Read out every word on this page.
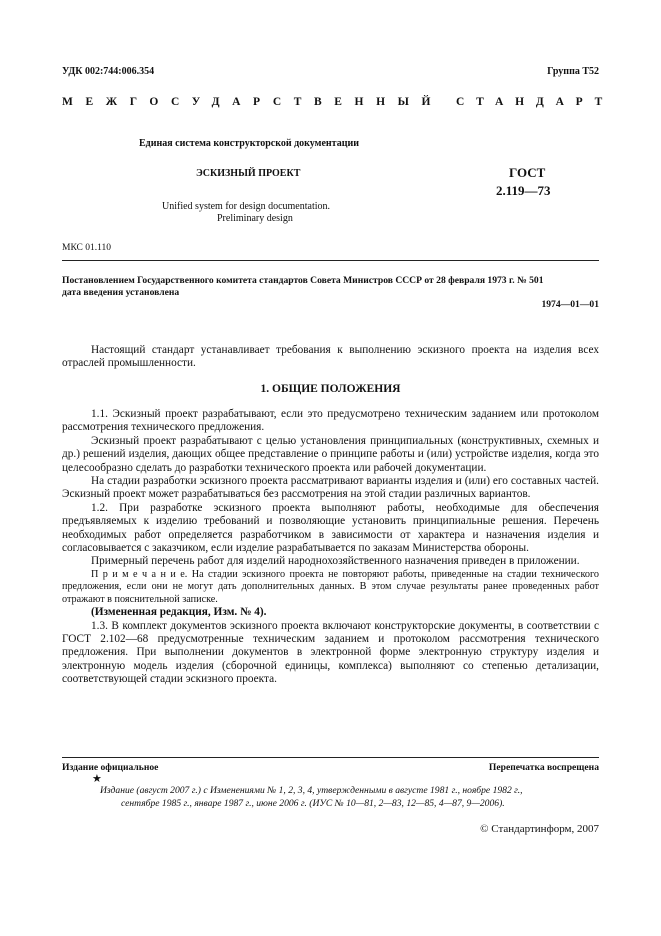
УДК 002:744:006.354	Группа Т52
МЕЖГОСУДАРСТВЕННЫЙ СТАНДАРТ
Единая система конструкторской документации
ЭСКИЗНЫЙ ПРОЕКТ	ГОСТ
2.119—73
Unified system for design documentation.
Preliminary design
МКС 01.110
Постановлением Государственного комитета стандартов Совета Министров СССР от 28 февраля 1973 г. № 501
дата введения установлена
1974—01—01

Настоящий стандарт устанавливает требования к выполнению эскизного проекта на изделия всех отраслей промышленности.

1. ОБЩИЕ ПОЛОЖЕНИЯ

1.1. Эскизный проект разрабатывают, если это предусмотрено техническим заданием или протоколом рассмотрения технического предложения.

Эскизный проект разрабатывают с целью установления принципиальных (конструктивных, схемных и др.) решений изделия, дающих общее представление о принципе работы и (или) устройстве изделия, когда это целесообразно сделать до разработки технического проекта или рабочей документации.

На стадии разработки эскизного проекта рассматривают варианты изделия и (или) его составных частей. Эскизный проект может разрабатываться без рассмотрения на этой стадии различных вариантов.

1.2. При разработке эскизного проекта выполняют работы, необходимые для обеспечения предъявляемых к изделию требований и позволяющие установить принципиальные решения. Перечень необходимых работ определяется разработчиком в зависимости от характера и назначения изделия и согласовывается с заказчиком, если изделие разрабатывается по заказам Министерства обороны.

Примерный перечень работ для изделий народнохозяйственного назначения приведен в приложении.

П р и м е ч а н и е. На стадии эскизного проекта не повторяют работы, приведенные на стадии технического предложения, если они не могут дать дополнительных данных. В этом случае результаты ранее проведенных работ отражают в пояснительной записке.

(Измененная редакция, Изм. № 4).

1.3. В комплект документов эскизного проекта включают конструкторские документы, в соответствии с ГОСТ 2.102—68 предусмотренные техническим заданием и протоколом рассмотрения технического предложения. При выполнении документов в электронной форме электронную структуру изделия и электронную модель изделия (сборочной единицы, комплекса) выполняют со степенью детализации, соответствующей стадии эскизного проекта.

Издание официальное	Перепечатка воспрещена
★
Издание (август 2007 г.) с Изменениями № 1, 2, 3, 4, утвержденными в августе 1981 г., ноябре 1982 г.,
сентябре 1985 г., январе 1987 г., июне 2006 г. (ИУС № 10—81, 2—83, 12—85, 4—87, 9—2006).
© Стандартинформ, 2007
